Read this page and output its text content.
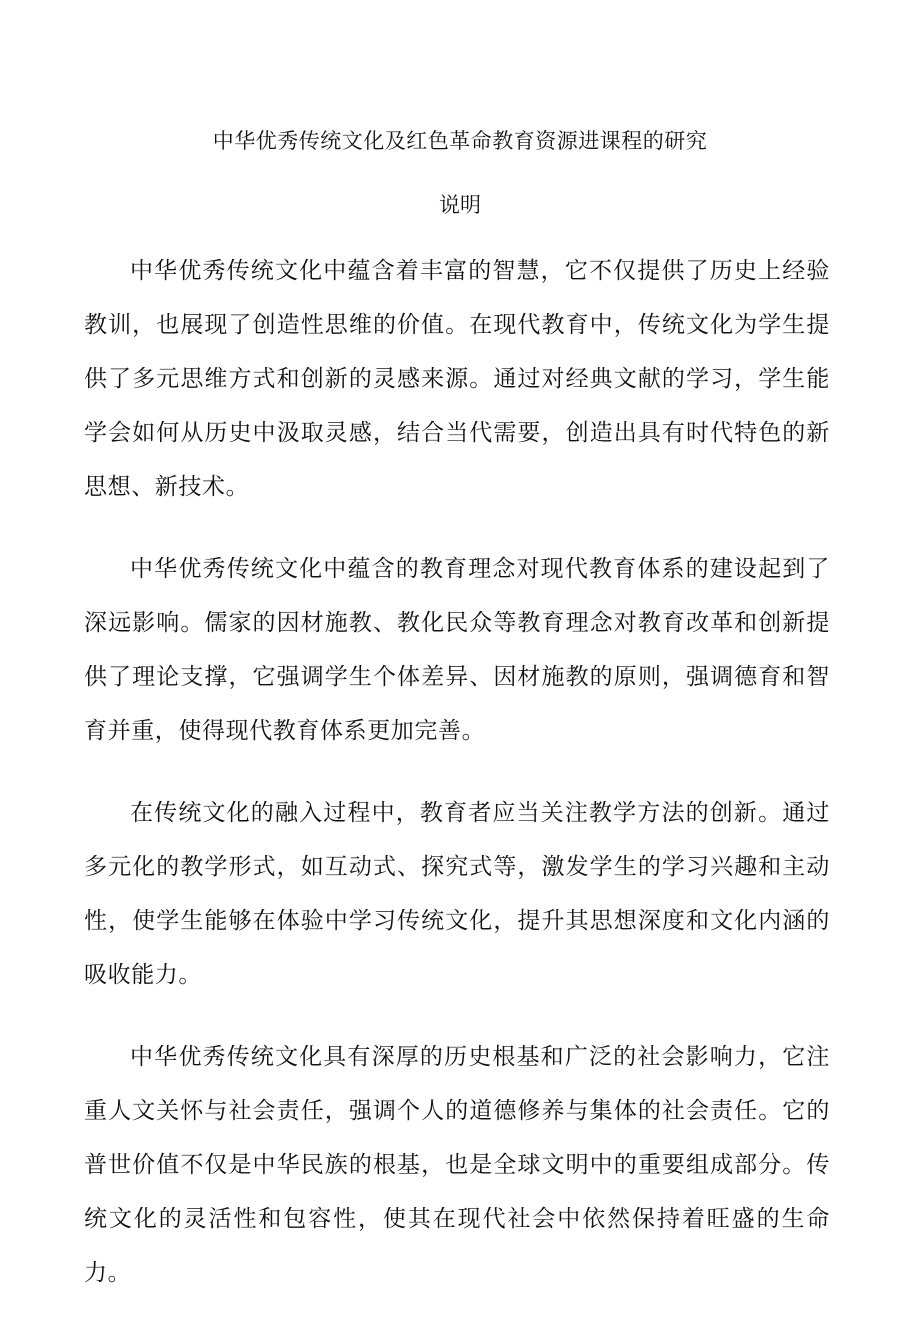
中华优秀传统文化及红色革命教育资源进课程的研究
说明

中华优秀传统文化中蕴含着丰富的智慧，它不仅提供了历史上经验教训，也展现了创造性思维的价值。在现代教育中，传统文化为学生提供了多元思维方式和创新的灵感来源。通过对经典文献的学习，学生能学会如何从历史中汲取灵感，结合当代需要，创造出具有时代特色的新思想、新技术。

中华优秀传统文化中蕴含的教育理念对现代教育体系的建设起到了深远影响。儒家的因材施教、教化民众等教育理念对教育改革和创新提供了理论支撑，它强调学生个体差异、因材施教的原则，强调德育和智育并重，使得现代教育体系更加完善。

在传统文化的融入过程中，教育者应当关注教学方法的创新。通过多元化的教学形式，如互动式、探究式等，激发学生的学习兴趣和主动性，使学生能够在体验中学习传统文化，提升其思想深度和文化内涵的吸收能力。

中华优秀传统文化具有深厚的历史根基和广泛的社会影响力，它注重人文关怀与社会责任，强调个人的道德修养与集体的社会责任。它的普世价值不仅是中华民族的根基，也是全球文明中的重要组成部分。传统文化的灵活性和包容性，使其在现代社会中依然保持着旺盛的生命力。
